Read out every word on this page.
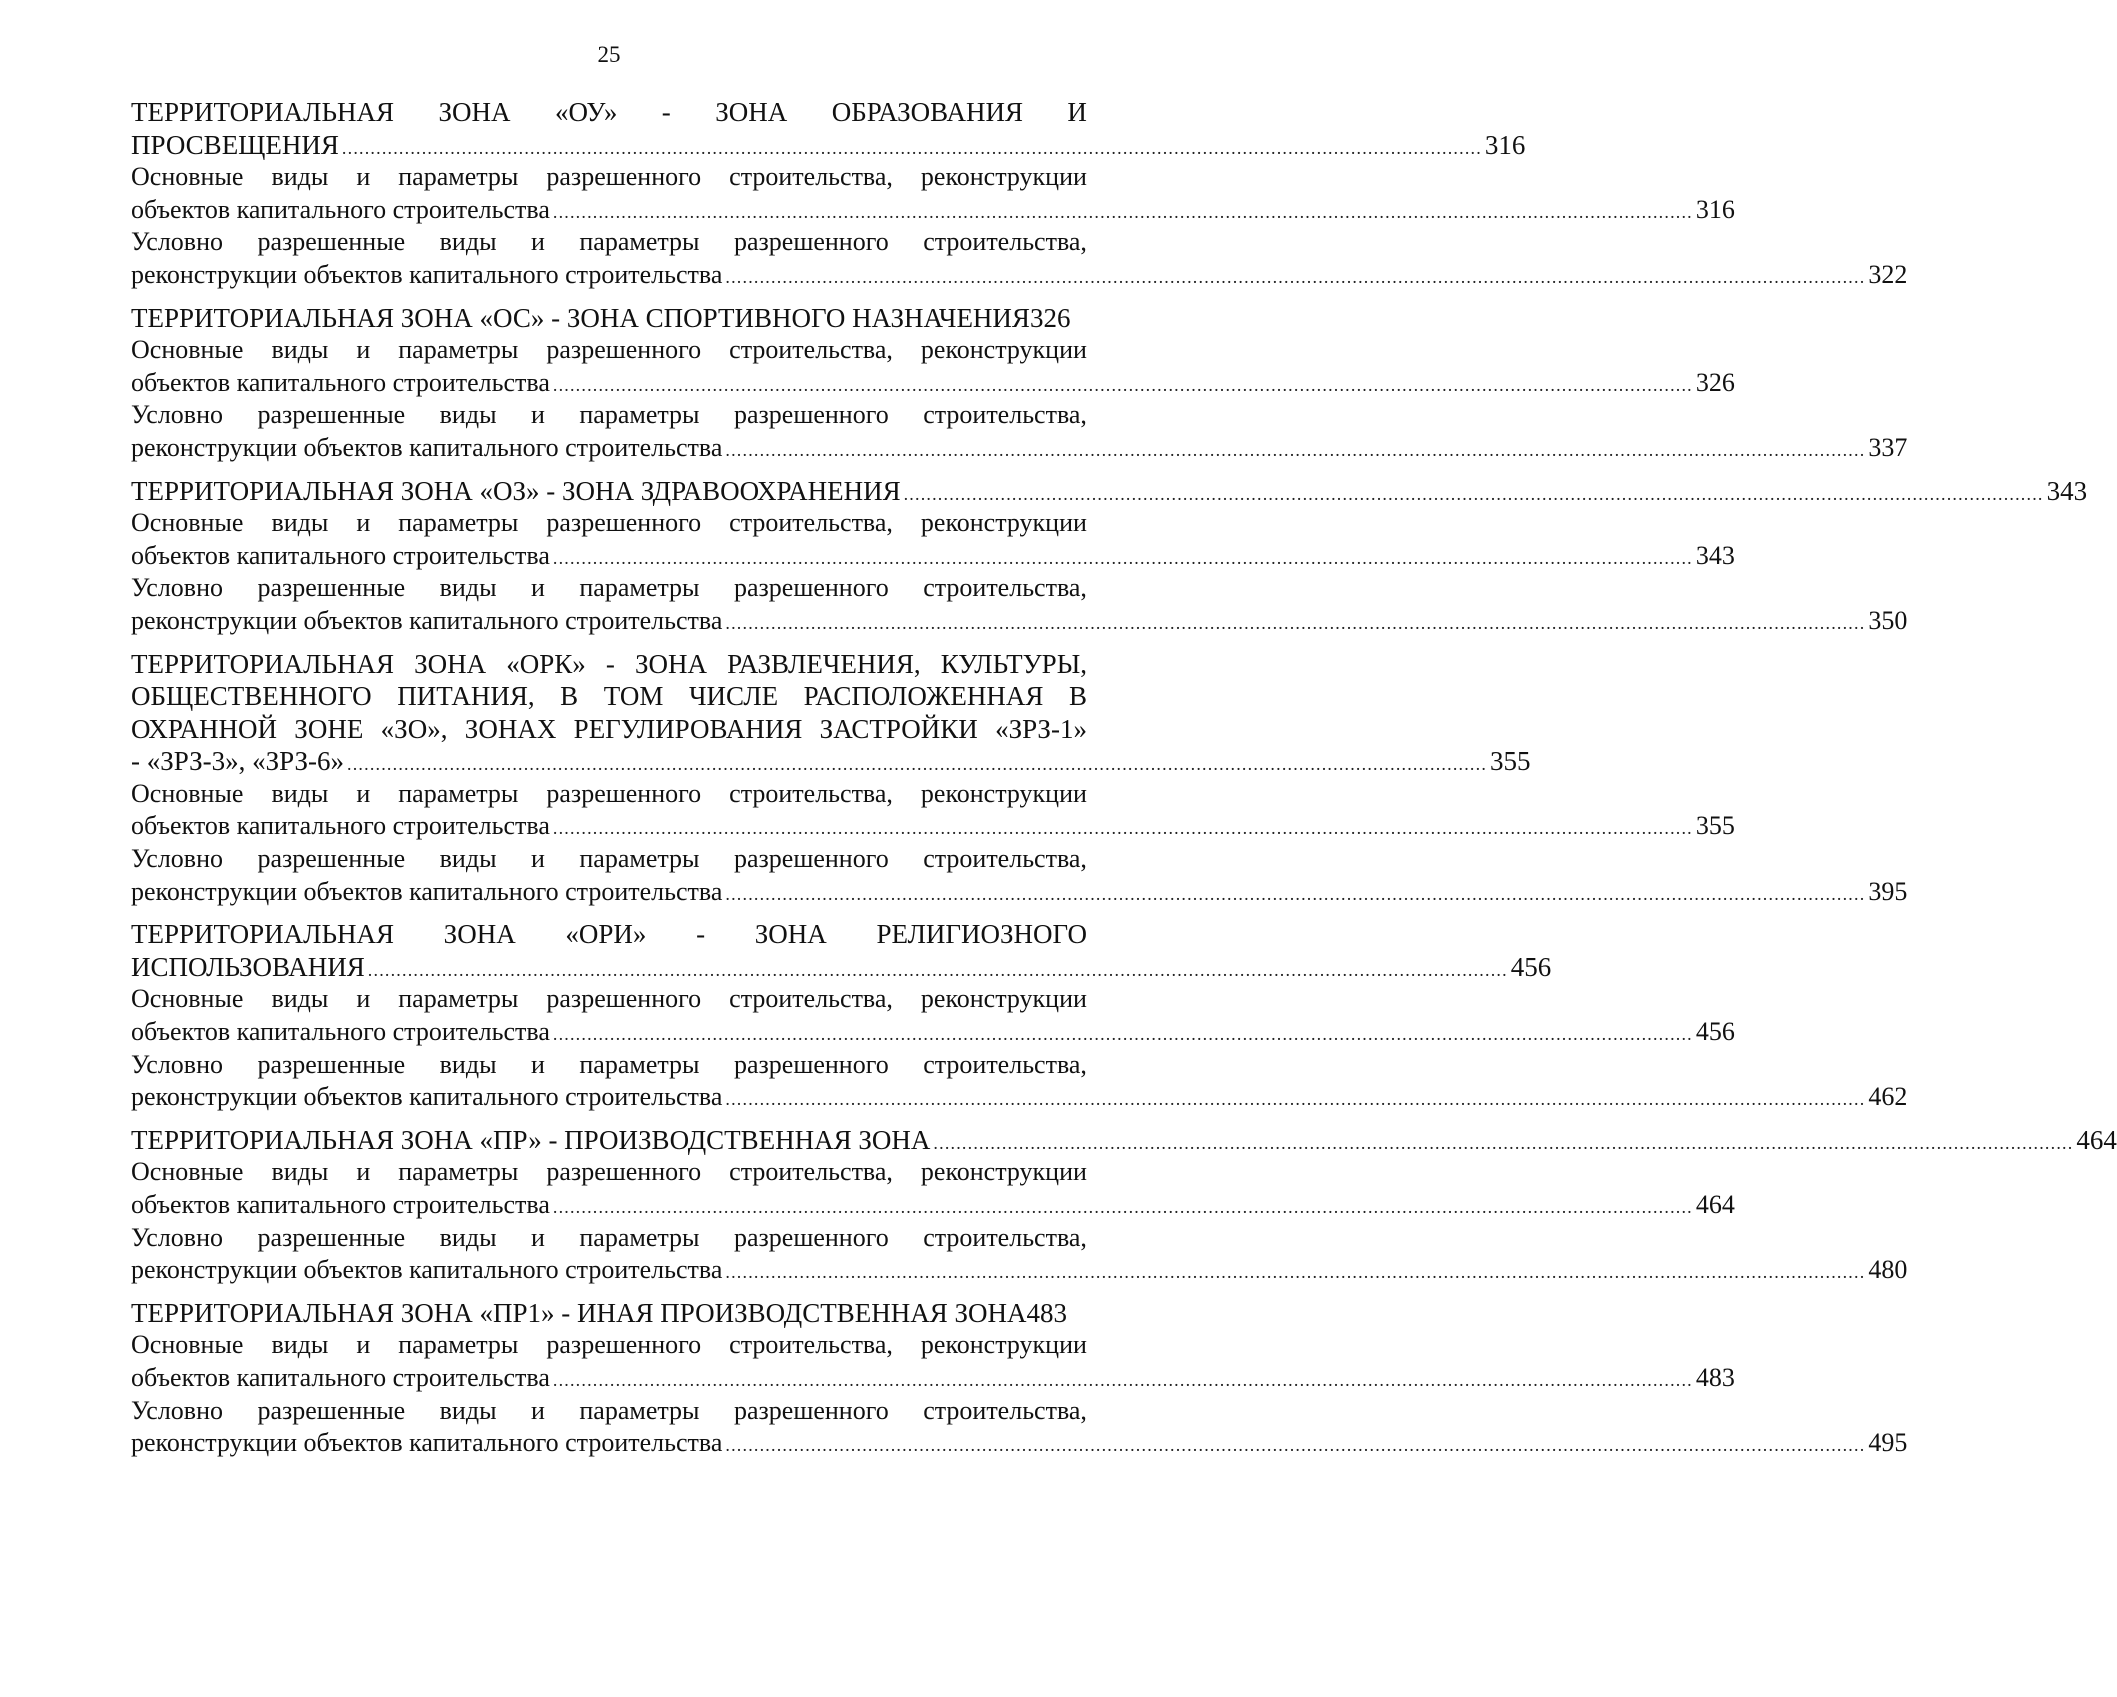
25
ТЕРРИТОРИАЛЬНАЯ ЗОНА «ОУ» - ЗОНА ОБРАЗОВАНИЯ И
ПРОСВЕЩЕНИЯ ........................................................................................................................................................................................................ 316
Основные виды и параметры разрешенного строительства, реконструкции
объектов капитального строительства ........................................................................................................................................................................................................ 316
Условно разрешенные виды и параметры разрешенного строительства,
реконструкции объектов капитального строительства ........................................................................................................................................................................................................ 322
ТЕРРИТОРИАЛЬНАЯ ЗОНА «ОС» - ЗОНА СПОРТИВНОГО НАЗНАЧЕНИЯ 326
Основные виды и параметры разрешенного строительства, реконструкции
объектов капитального строительства ........................................................................................................................................................................................................ 326
Условно разрешенные виды и параметры разрешенного строительства,
реконструкции объектов капитального строительства ........................................................................................................................................................................................................ 337
ТЕРРИТОРИАЛЬНАЯ ЗОНА «ОЗ» - ЗОНА ЗДРАВООХРАНЕНИЯ ........................................................................................................................................................................................................ 343
Основные виды и параметры разрешенного строительства, реконструкции
объектов капитального строительства ........................................................................................................................................................................................................ 343
Условно разрешенные виды и параметры разрешенного строительства,
реконструкции объектов капитального строительства ........................................................................................................................................................................................................ 350
ТЕРРИТОРИАЛЬНАЯ ЗОНА «ОРК» - ЗОНА РАЗВЛЕЧЕНИЯ, КУЛЬТУРЫ,
ОБЩЕСТВЕННОГО ПИТАНИЯ, В ТОМ ЧИСЛЕ РАСПОЛОЖЕННАЯ В
ОХРАННОЙ ЗОНЕ «ЗО», ЗОНАХ РЕГУЛИРОВАНИЯ ЗАСТРОЙКИ «ЗРЗ-1»
- «ЗРЗ-3», «ЗРЗ-6» ........................................................................................................................................................................................................ 355
Основные виды и параметры разрешенного строительства, реконструкции
объектов капитального строительства ........................................................................................................................................................................................................ 355
Условно разрешенные виды и параметры разрешенного строительства,
реконструкции объектов капитального строительства ........................................................................................................................................................................................................ 395
ТЕРРИТОРИАЛЬНАЯ ЗОНА «ОРИ» - ЗОНА РЕЛИГИОЗНОГО
ИСПОЛЬЗОВАНИЯ ........................................................................................................................................................................................................ 456
Основные виды и параметры разрешенного строительства, реконструкции
объектов капитального строительства ........................................................................................................................................................................................................ 456
Условно разрешенные виды и параметры разрешенного строительства,
реконструкции объектов капитального строительства ........................................................................................................................................................................................................ 462
ТЕРРИТОРИАЛЬНАЯ ЗОНА «ПР» - ПРОИЗВОДСТВЕННАЯ ЗОНА ........................................................................................................................................................................................................ 464
Основные виды и параметры разрешенного строительства, реконструкции
объектов капитального строительства ........................................................................................................................................................................................................ 464
Условно разрешенные виды и параметры разрешенного строительства,
реконструкции объектов капитального строительства ........................................................................................................................................................................................................ 480
ТЕРРИТОРИАЛЬНАЯ ЗОНА «ПР1» - ИНАЯ ПРОИЗВОДСТВЕННАЯ ЗОНА 483
Основные виды и параметры разрешенного строительства, реконструкции
объектов капитального строительства ........................................................................................................................................................................................................ 483
Условно разрешенные виды и параметры разрешенного строительства,
реконструкции объектов капитального строительства ........................................................................................................................................................................................................ 495
